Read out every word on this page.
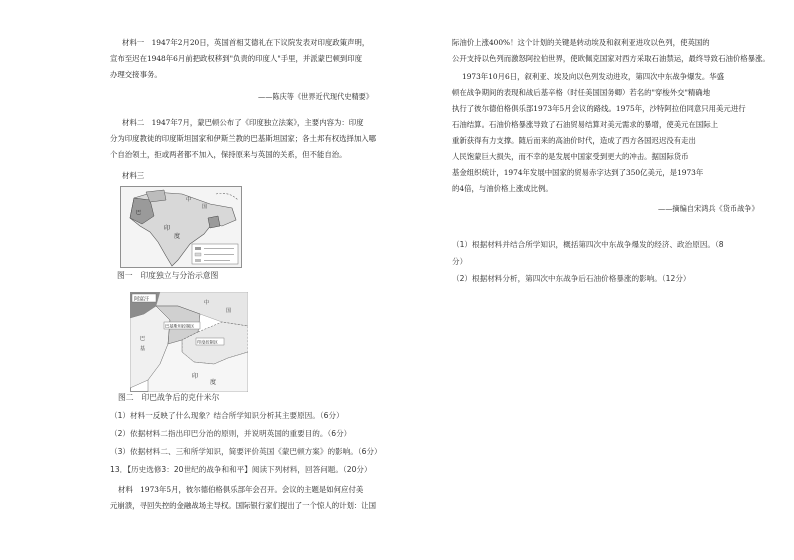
材料一　1947年2月20日，英国首相艾德礼在下议院发表对印度政策声明，
宣布至迟在1948年6月前把政权移到"负责的印度人"手里，并派蒙巴顿到印度
办理交接事务。
——陈庆等《世界近代现代史精要》
材料二　1947年7月，蒙巴顿公布了《印度独立法案》，主要内容为：印度
分为印度教徒的印度斯坦国家和伊斯兰教的巴基斯坦国家；各土邦有权选择加入哪
个自治领土，拒或两者都不加入，保持原来与英国的关系，但不能自治。
材料三
中
国
巴
印
度
图一　印度独立与分治示意图
阿富汗
中
国
巴基斯坦控制区
印度控制区
巴
基
印
度
图二　印巴战争后的克什米尔
（1）材料一反映了什么现象？结合所学知识分析其主要原因。（6分）
（2）依据材料二指出印巴分治的原则，并说明英国的重要目的。（6分）
（3）依据材料二、三和所学知识，简要评价英国《蒙巴顿方案》的影响。（6分）
13．【历史选修3：20世纪的战争和和平】阅读下列材料，回答问题。（20分）
材料　1973年5月，彼尔德伯格俱乐部年会召开。会议的主题是如何应付美
元崩溃，寻回失控的金融战场主导权。国际银行家们提出了一个惊人的计划：让国
际油价上涨400%！这个计划的关键是转动埃及和叙利亚进攻以色列，使英国的
公开支持以色列而激怒阿拉伯世界，使欧佩克国家对西方采取石油禁运，最终导致石油价格暴涨。
1973年10月6日，叙利亚、埃及向以色列发动进攻，第四次中东战争爆发。华盛
顿在战争期间的表现和战后基辛格（时任美国国务卿）若名的"穿梭外交"精确地
执行了彼尔德伯格俱乐部1973年5月会议的路线。1975年，沙特阿拉伯同意只用美元进行
石油结算。石油价格暴涨导致了石油贸易结算对美元需求的暴增，使美元在国际上
重新获得有力支撑。随后而来的高油价时代，造成了西方各国迟迟没有走出
人民饱蒙巨大损失，而不幸的是发展中国家受到更大的冲击。据国际货币
基金组织统计，1974年发展中国家的贸易赤字达到了350亿美元，是1973年
的4倍，与油价格上涨成比例。
——摘编自宋鸿兵《货币战争》
（1）根据材料并结合所学知识，概括第四次中东战争爆发的经济、政治原因。（8
分）
（2）根据材料分析，第四次中东战争后石油价格暴涨的影响。（12分）
